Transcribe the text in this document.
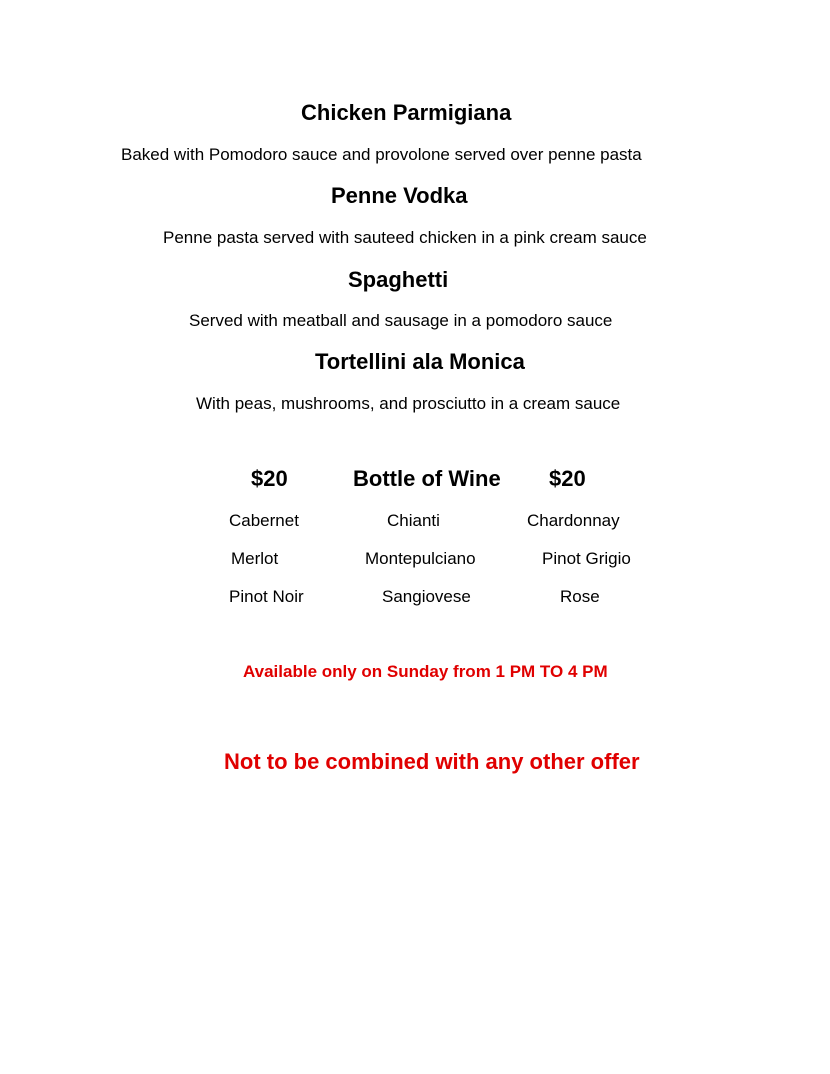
Chicken Parmigiana
Baked with Pomodoro sauce and provolone served over penne pasta
Penne Vodka
Penne pasta served with sauteed chicken in a pink cream sauce
Spaghetti
Served with meatball and sausage in a pomodoro sauce
Tortellini ala Monica
With peas, mushrooms, and prosciutto in a cream sauce
$20	Bottle of Wine $20
Cabernet	Chianti	Chardonnay
Merlot	Montepulciano	Pinot Grigio
Pinot Noir	Sangiovese	Rose
Available only on Sunday from 1 PM TO 4 PM
Not to be combined with any other offer
